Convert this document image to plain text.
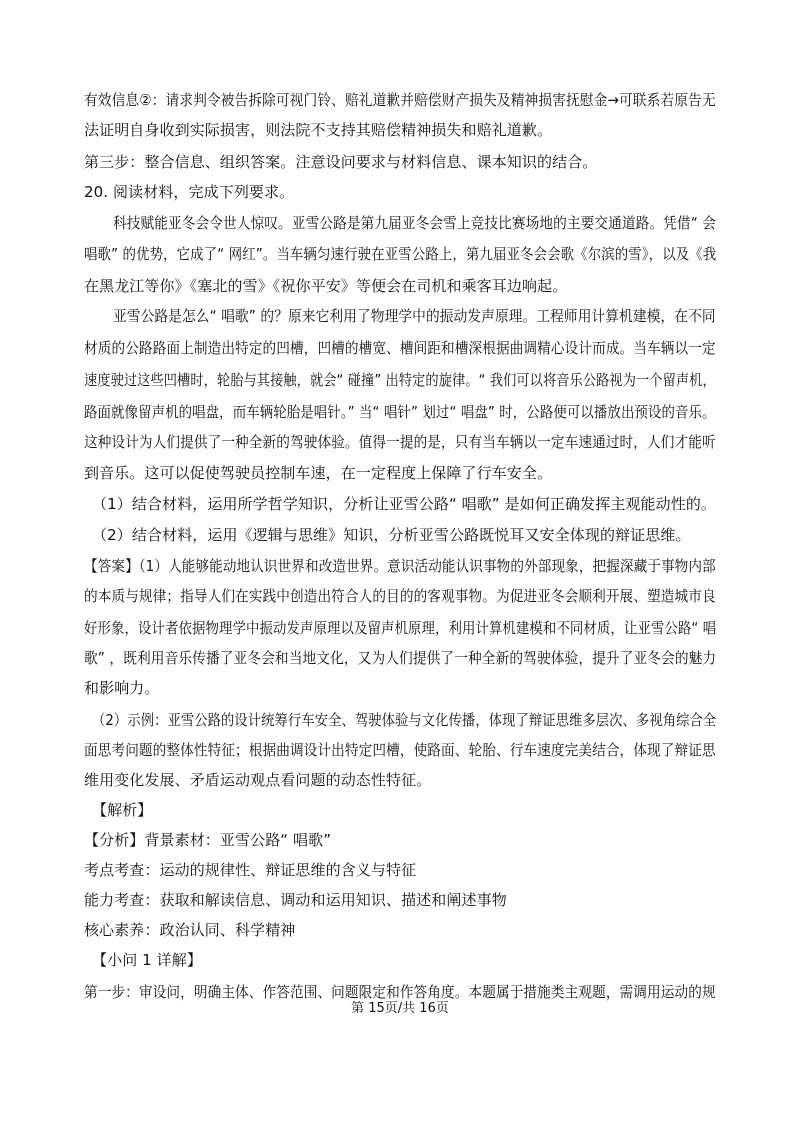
有效信息②：请求判令被告拆除可视门铃、赔礼道歉并赔偿财产损失及精神损害抚慰金→可联系若原告无
法证明自身收到实际损害，则法院不支持其赔偿精神损失和赔礼道歉。
第三步：整合信息、组织答案。注意设问要求与材料信息、课本知识的结合。
20. 阅读材料，完成下列要求。
科技赋能亚冬会令世人惊叹。亚雪公路是第九届亚冬会雪上竞技比赛场地的主要交通道路。凭借“ 会
唱歌” 的优势，它成了“ 网红”。当车辆匀速行驶在亚雪公路上，第九届亚冬会会歌《尔滨的雪》，以及《我
在黑龙江等你》《塞北的雪》《祝你平安》等便会在司机和乘客耳边响起。
亚雪公路是怎么“ 唱歌” 的？原来它利用了物理学中的振动发声原理。工程师用计算机建模，在不同
材质的公路路面上制造出特定的凹槽，凹槽的槽宽、槽间距和槽深根据曲调精心设计而成。当车辆以一定
速度驶过这些凹槽时，轮胎与其接触，就会“ 碰撞” 出特定的旋律。“ 我们可以将音乐公路视为一个留声机，
路面就像留声机的唱盘，而车辆轮胎是唱针。” 当“ 唱针” 划过“ 唱盘” 时，公路便可以播放出预设的音乐。
这种设计为人们提供了一种全新的驾驶体验。值得一提的是，只有当车辆以一定车速通过时，人们才能听
到音乐。这可以促使驾驶员控制车速，在一定程度上保障了行车安全。
（1）结合材料，运用所学哲学知识，分析让亚雪公路“ 唱歌” 是如何正确发挥主观能动性的。
（2）结合材料，运用《逻辑与思维》知识，分析亚雪公路既悦耳又安全体现的辩证思维。
【答案】（1）人能够能动地认识世界和改造世界。意识活动能认识事物的外部现象，把握深藏于事物内部
的本质与规律；指导人们在实践中创造出符合人的目的的客观事物。为促进亚冬会顺利开展、塑造城市良
好形象，设计者依据物理学中振动发声原理以及留声机原理，利用计算机建模和不同材质，让亚雪公路“ 唱
歌” ，既利用音乐传播了亚冬会和当地文化，又为人们提供了一种全新的驾驶体验，提升了亚冬会的魅力
和影响力。
（2）示例：亚雪公路的设计统筹行车安全、驾驶体验与文化传播，体现了辩证思维多层次、多视角综合全
面思考问题的整体性特征；根据曲调设计出特定凹槽，使路面、轮胎、行车速度完美结合，体现了辩证思
维用变化发展、矛盾运动观点看问题的动态性特征。
【解析】
【分析】背景素材：亚雪公路“ 唱歌”
考点考查：运动的规律性、辩证思维的含义与特征
能力考查：获取和解读信息、调动和运用知识、描述和阐述事物
核心素养：政治认同、科学精神
【小问 1 详解】
第一步：审设问，明确主体、作答范围、问题限定和作答角度。本题属于措施类主观题，需调用运动的规
第 15页/共 16页
